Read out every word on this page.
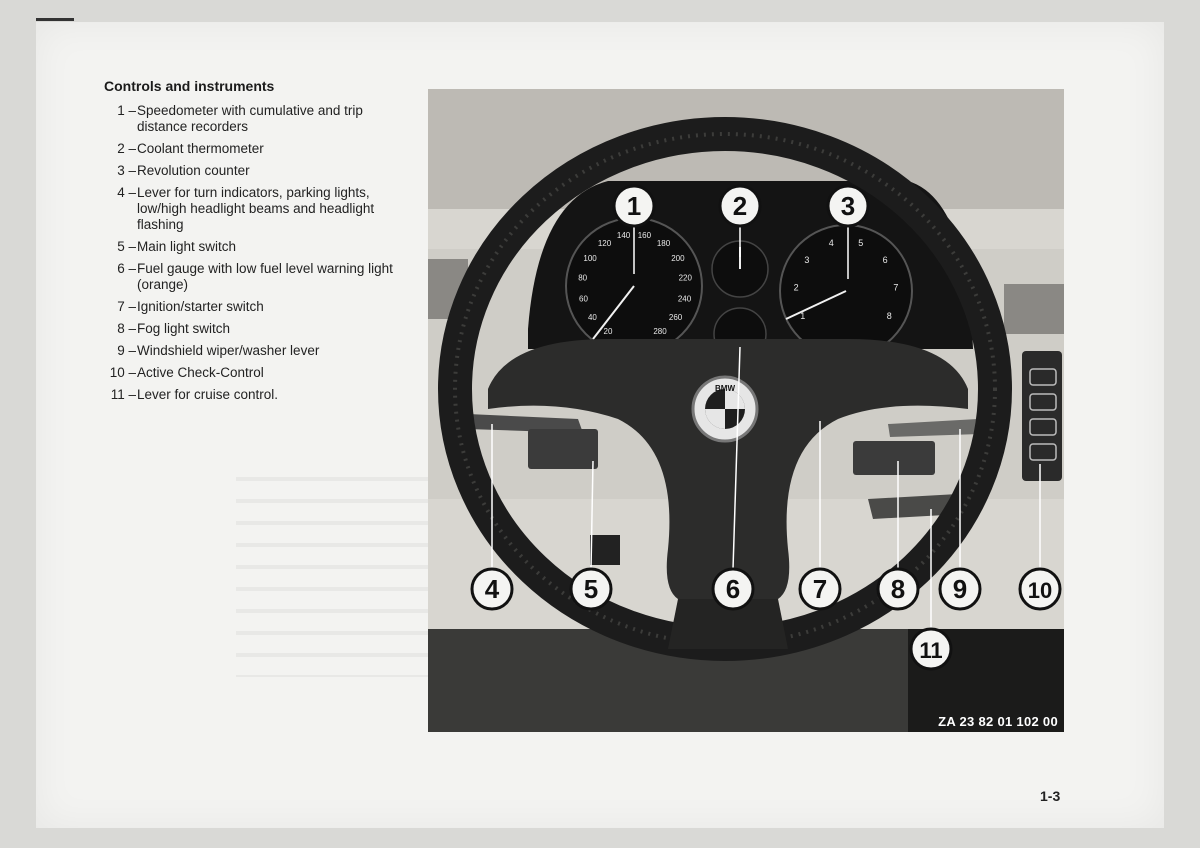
Controls and instruments
1 – Speedometer with cumulative and trip distance recorders
2 – Coolant thermometer
3 – Revolution counter
4 – Lever for turn indicators, parking lights, low/high headlight beams and headlight flashing
5 – Main light switch
6 – Fuel gauge with low fuel level warning light (orange)
7 – Ignition/starter switch
8 – Fog light switch
9 – Windshield wiper/washer lever
10 – Active Check-Control
11 – Lever for cruise control.
20
40
60
80
100
120
140 160
180
200
220
240
260
280
1
2
3
4	5
6
7
8
BMW
1	2	3
4	5	6	7 8 9	10
11
ZA 23 82 01 102 00
1-3
